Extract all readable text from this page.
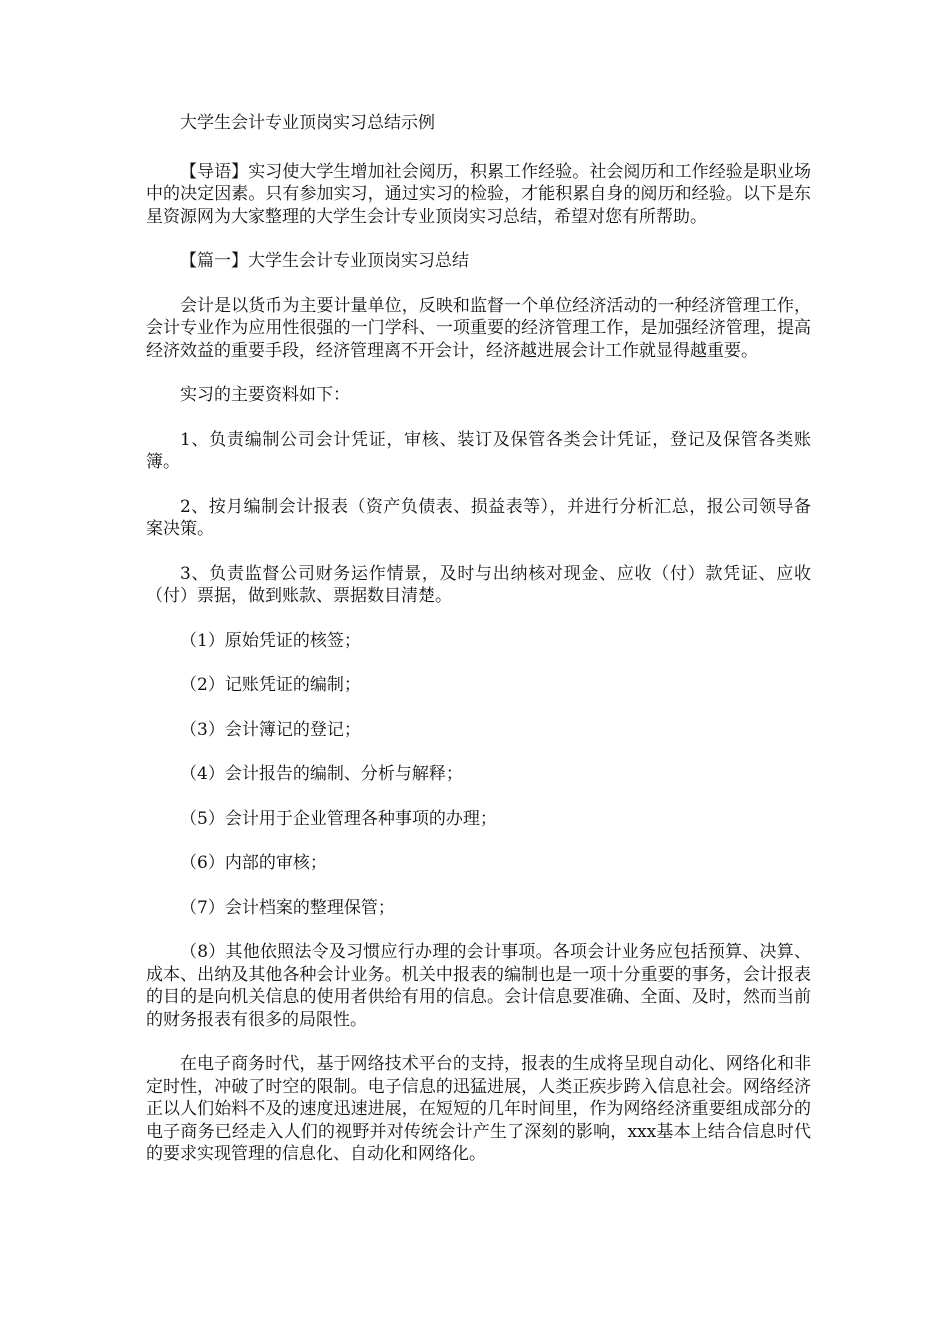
大学生会计专业顶岗实习总结示例

【导语】实习使大学生增加社会阅历，积累工作经验。社会阅历和工作经验是职业场中的决定因素。只有参加实习，通过实习的检验，才能积累自身的阅历和经验。以下是东星资源网为大家整理的大学生会计专业顶岗实习总结，希望对您有所帮助。

【篇一】大学生会计专业顶岗实习总结

会计是以货币为主要计量单位，反映和监督一个单位经济活动的一种经济管理工作，会计专业作为应用性很强的一门学科、一项重要的经济管理工作，是加强经济管理，提高经济效益的重要手段，经济管理离不开会计，经济越进展会计工作就显得越重要。

实习的主要资料如下：

1、负责编制公司会计凭证，审核、装订及保管各类会计凭证，登记及保管各类账簿。

2、按月编制会计报表（资产负债表、损益表等），并进行分析汇总，报公司领导备案决策。

3、负责监督公司财务运作情景，及时与出纳核对现金、应收（付）款凭证、应收（付）票据，做到账款、票据数目清楚。

（1）原始凭证的核签；

（2）记账凭证的编制；

（3）会计簿记的登记；

（4）会计报告的编制、分析与解释；

（5）会计用于企业管理各种事项的办理；

（6）内部的审核；

（7）会计档案的整理保管；

（8）其他依照法令及习惯应行办理的会计事项。各项会计业务应包括预算、决算、成本、出纳及其他各种会计业务。机关中报表的编制也是一项十分重要的事务，会计报表的目的是向机关信息的使用者供给有用的信息。会计信息要准确、全面、及时，然而当前的财务报表有很多的局限性。

在电子商务时代，基于网络技术平台的支持，报表的生成将呈现自动化、网络化和非定时性，冲破了时空的限制。电子信息的迅猛进展，人类正疾步跨入信息社会。网络经济正以人们始料不及的速度迅速进展，在短短的几年时间里，作为网络经济重要组成部分的电子商务已经走入人们的视野并对传统会计产生了深刻的影响，xxx基本上结合信息时代的要求实现管理的信息化、自动化和网络化。
